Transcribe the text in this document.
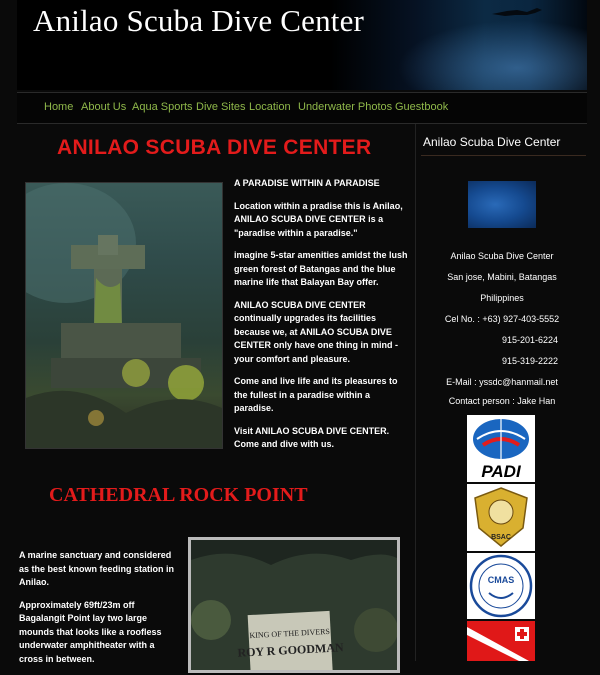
Anilao Scuba Dive Center
Home About Us Aqua Sports Dive Sites Location Underwater Photos Guestbook
ANILAO SCUBA DIVE CENTER

A PARADISE WITHIN A PARADISE

Location within a pradise this is Anilao, ANILAO SCUBA DIVE CENTER is a "paradise within a paradise."

imagine 5-star amenities amidst the lush green forest of Batangas and the blue marine life that Balayan Bay offer.

ANILAO SCUBA DIVE CENTER continually upgrades its facilities because we, at ANILAO SCUBA DIVE CENTER only have one thing in mind - your comfort and pleasure.

Come and live life and its pleasures to the fullest in a paradise within a paradise.

Visit ANILAO SCUBA DIVE CENTER. Come and dive with us.

CATHEDRAL ROCK POINT

A marine sanctuary and considered as the best known feeding station in Anilao.

Approximately 69ft/23m off Bagalangit Point lay two large mounds that looks like a roofless underwater amphitheater with a cross in between.

KING OF THE DIVERS
ROY R GOODMAN
Anilao Scuba Dive Center
Anilao Scuba Dive Center
San jose, Mabini, Batangas
Philippines
Cel No. : +63) 927-403-5552
915-201-6224
915-319-2222
E-Mail : yssdc@hanmail.net
Contact person : Jake Han
PADI
BSAC
CMAS
